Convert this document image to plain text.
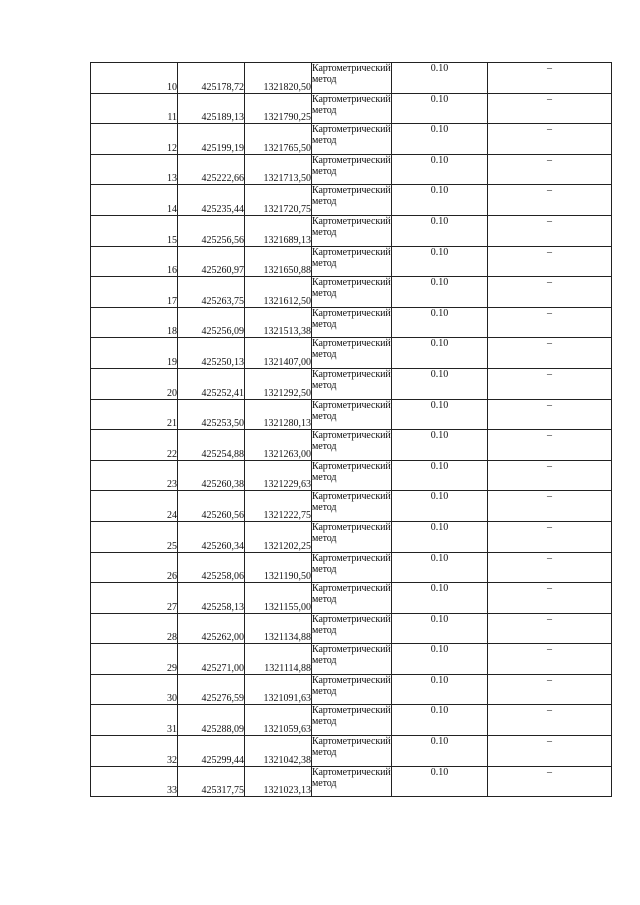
10	425178,72	1321820,50	Картометрический метод	0.10	–
11	425189,13	1321790,25	Картометрический метод	0.10	–
12	425199,19	1321765,50	Картометрический метод	0.10	–
13	425222,66	1321713,50	Картометрический метод	0.10	–
14	425235,44	1321720,75	Картометрический метод	0.10	–
15	425256,56	1321689,13	Картометрический метод	0.10	–
16	425260,97	1321650,88	Картометрический метод	0.10	–
17	425263,75	1321612,50	Картометрический метод	0.10	–
18	425256,09	1321513,38	Картометрический метод	0.10	–
19	425250,13	1321407,00	Картометрический метод	0.10	–
20	425252,41	1321292,50	Картометрический метод	0.10	–
21	425253,50	1321280,13	Картометрический метод	0.10	–
22	425254,88	1321263,00	Картометрический метод	0.10	–
23	425260,38	1321229,63	Картометрический метод	0.10	–
24	425260,56	1321222,75	Картометрический метод	0.10	–
25	425260,34	1321202,25	Картометрический метод	0.10	–
26	425258,06	1321190,50	Картометрический метод	0.10	–
27	425258,13	1321155,00	Картометрический метод	0.10	–
28	425262,00	1321134,88	Картометрический метод	0.10	–
29	425271,00	1321114,88	Картометрический метод	0.10	–
30	425276,59	1321091,63	Картометрический метод	0.10	–
31	425288,09	1321059,63	Картометрический метод	0.10	–
32	425299,44	1321042,38	Картометрический метод	0.10	–
33	425317,75	1321023,13	Картометрический метод	0.10	–
